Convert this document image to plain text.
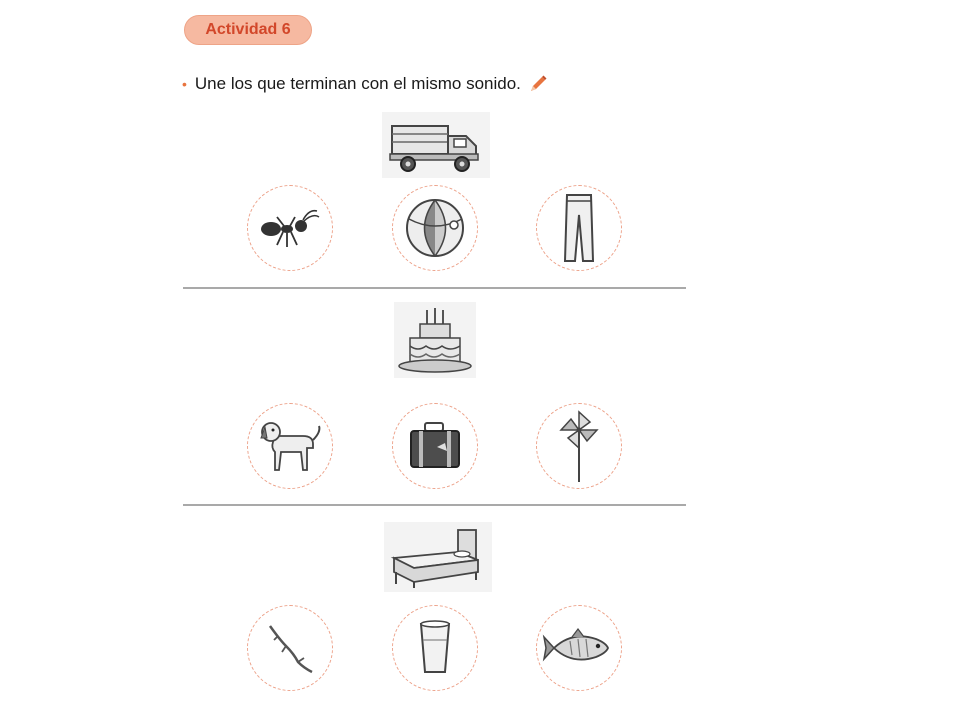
Actividad 6
• Une los que terminan con el mismo sonido.
